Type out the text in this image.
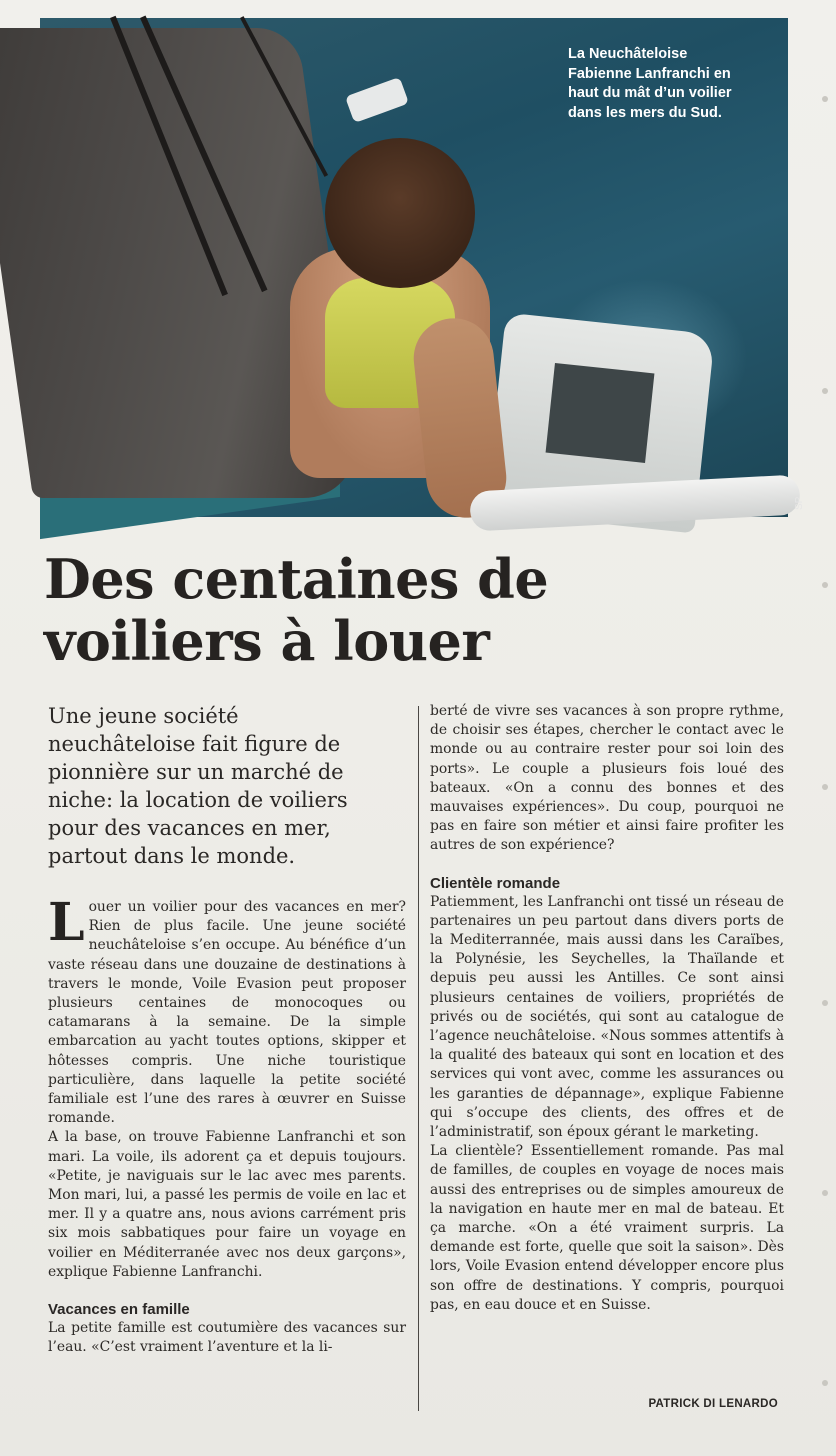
La Neuchâteloise
Fabienne Lanfranchi en
haut du mât d’un voilier
dans les mers du Sud.
SP
Des centaines de
voiliers à louer

Une jeune société
neuchâteloise fait figure de
pionnière sur un marché de
niche: la location de voiliers
pour des vacances en mer,
partout dans le monde.

Louer un voilier pour des vacances en mer? Rien de plus facile. Une jeune société neuchâteloise s’en occupe. Au bénéfice d’un vaste réseau dans une douzaine de destinations à travers le monde, Voile Evasion peut proposer plusieurs centaines de monocoques ou catamarans à la semaine. De la simple embarcation au yacht toutes options, skipper et hôtesses compris. Une niche touristique particulière, dans laquelle la petite société familiale est l’une des rares à œuvrer en Suisse romande.

A la base, on trouve Fabienne Lanfranchi et son mari. La voile, ils adorent ça et depuis toujours. «Petite, je naviguais sur le lac avec mes parents. Mon mari, lui, a passé les permis de voile en lac et mer. Il y a quatre ans, nous avions carrément pris six mois sabbatiques pour faire un voyage en voilier en Méditerranée avec nos deux garçons», explique Fabienne Lanfranchi.

Vacances en famille

La petite famille est coutumière des vacances sur l’eau. «C’est vraiment l’aventure et la li-

berté de vivre ses vacances à son propre rythme, de choisir ses étapes, chercher le contact avec le monde ou au contraire rester pour soi loin des ports». Le couple a plusieurs fois loué des bateaux. «On a connu des bonnes et des mauvaises expériences». Du coup, pourquoi ne pas en faire son métier et ainsi faire profiter les autres de son expérience?

Clientèle romande

Patiemment, les Lanfranchi ont tissé un réseau de partenaires un peu partout dans divers ports de la Mediterrannée, mais aussi dans les Caraïbes, la Polynésie, les Seychelles, la Thaïlande et depuis peu aussi les Antilles. Ce sont ainsi plusieurs centaines de voiliers, propriétés de privés ou de sociétés, qui sont au catalogue de l’agence neuchâteloise. «Nous sommes attentifs à la qualité des bateaux qui sont en location et des services qui vont avec, comme les assurances ou les garanties de dépannage», explique Fabienne qui s’occupe des clients, des offres et de l’administratif, son époux gérant le marketing.

La clientèle? Essentiellement romande. Pas mal de familles, de couples en voyage de noces mais aussi des entreprises ou de simples amoureux de la navigation en haute mer en mal de bateau. Et ça marche. «On a été vraiment surpris. La demande est forte, quelle que soit la saison». Dès lors, Voile Evasion entend développer encore plus son offre de destinations. Y compris, pourquoi pas, en eau douce et en Suisse.

PATRICK DI LENARDO
